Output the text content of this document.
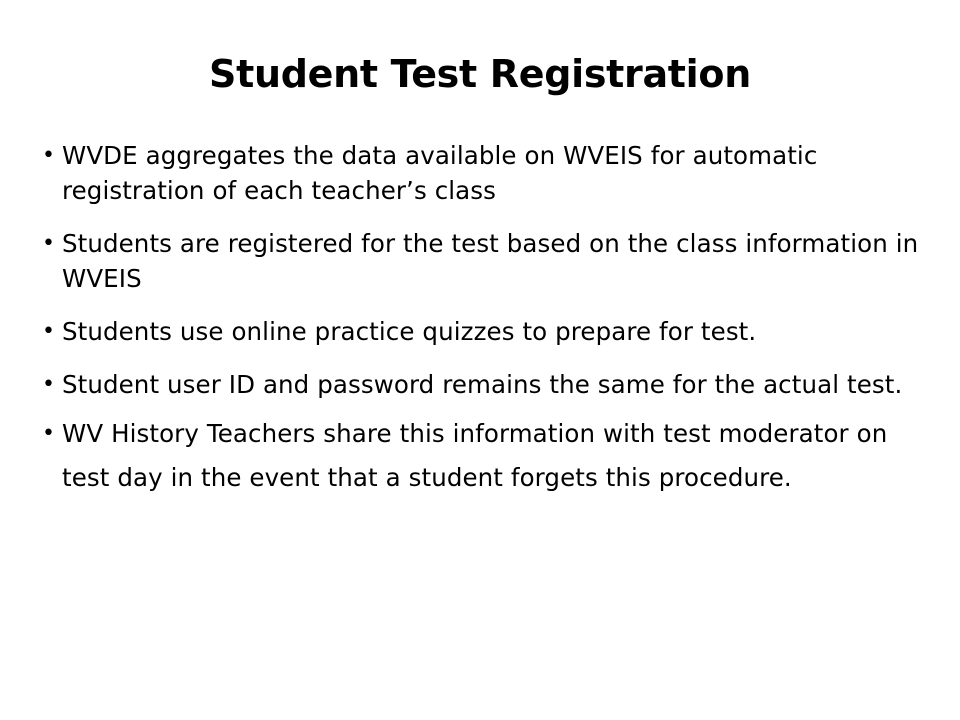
Student Test Registration
• WVDE aggregates the data available on WVEIS for automatic registration of each teacher’s class
• Students are registered for the test based on the class information in WVEIS
• Students use online practice quizzes to prepare for test.
• Student user ID and password remains the same for the actual test.
• WV History Teachers share this information with test moderator on test day in the event that a student forgets this procedure.
